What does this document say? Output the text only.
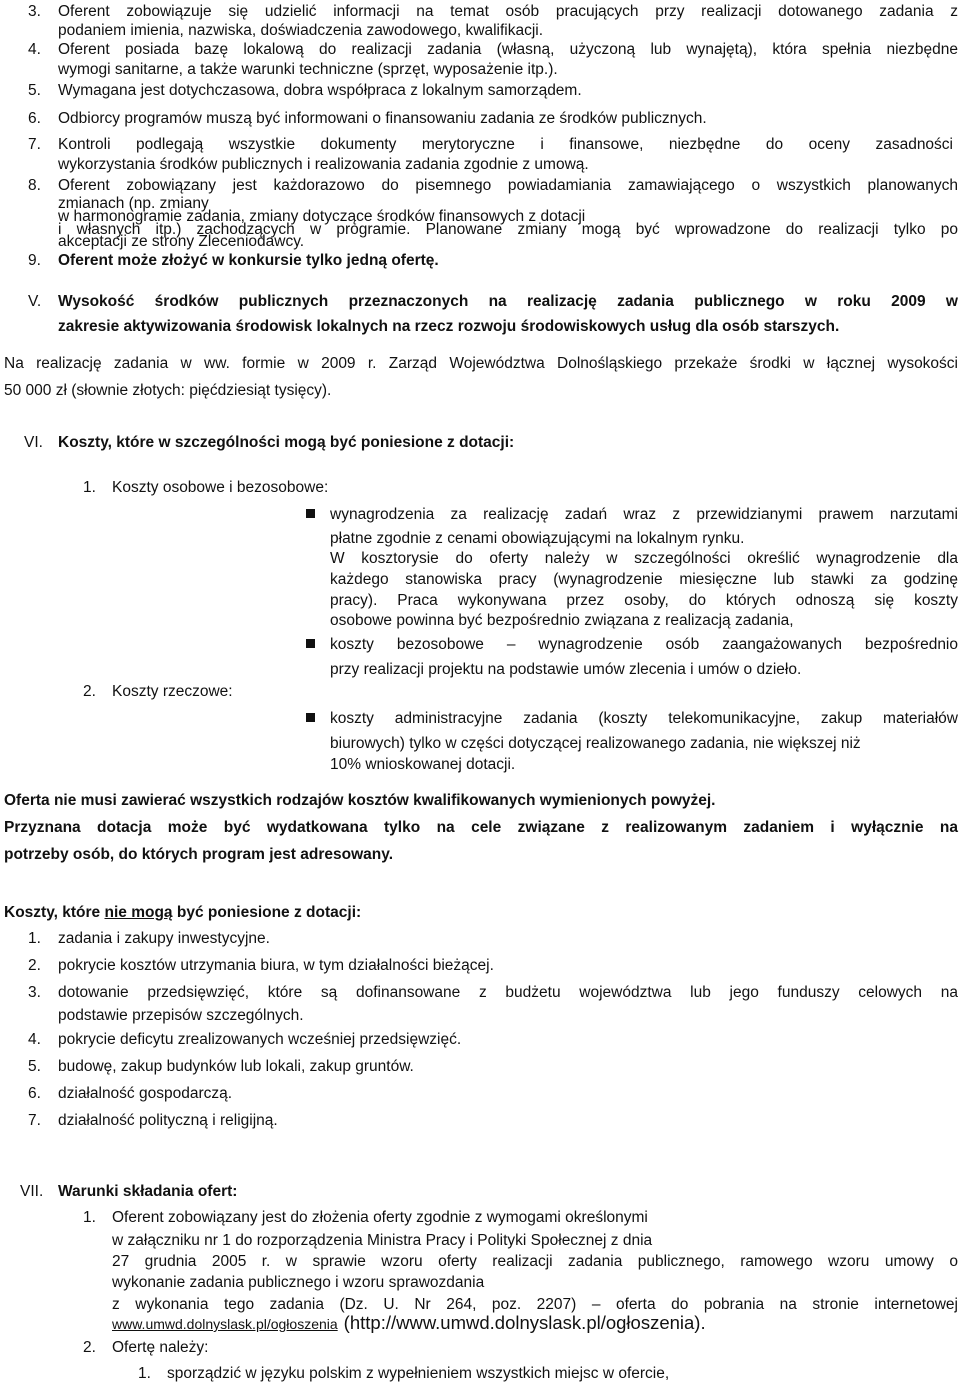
3. Oferent zobowiązuje się udzielić informacji na temat osób pracujących przy realizacji dotowanego zadania z
podaniem imienia, nazwiska, doświadczenia zawodowego, kwalifikacji.
4. Oferent posiada bazę lokalową do realizacji zadania (własną, użyczoną lub wynajętą), która spełnia niezbędne
wymogi sanitarne, a także warunki techniczne (sprzęt, wyposażenie itp.).
5. Wymagana jest dotychczasowa, dobra współpraca z lokalnym samorządem.
6. Odbiorcy programów muszą być informowani o finansowaniu zadania ze środków publicznych.
7. Kontroli podlegają wszystkie dokumenty merytoryczne i finansowe, niezbędne do oceny zasadności
wykorzystania środków publicznych i realizowania zadania zgodnie z umową.
8. Oferent zobowiązany jest każdorazowo do pisemnego powiadamiania zamawiającego o wszystkich planowanych
zmianach (np. zmiany
w harmonogramie zadania, zmiany dotyczące środków finansowych z dotacji
i własnych itp.) zachodzących w programie. Planowane zmiany mogą być wprowadzone do realizacji tylko po
akceptacji ze strony Zleceniodawcy.
9. Oferent może złożyć w konkursie tylko jedną ofertę.
V. Wysokość środków publicznych przeznaczonych na realizację zadania publicznego w roku 2009 w
zakresie aktywizowania środowisk lokalnych na rzecz rozwoju środowiskowych usług dla osób starszych.
Na realizację zadania w ww. formie w 2009 r. Zarząd Województwa Dolnośląskiego przekaże środki w łącznej wysokości
50 000 zł (słownie złotych: pięćdziesiąt tysięcy).
VI. Koszty, które w szczególności mogą być poniesione z dotacji:
1. Koszty osobowe i bezosobowe:
wynagrodzenia za realizację zadań wraz z przewidzianymi prawem narzutami
płatne zgodnie z cenami obowiązującymi na lokalnym rynku.
W kosztorysie do oferty należy w szczególności określić wynagrodzenie dla
każdego stanowiska pracy (wynagrodzenie miesięczne lub stawki za godzinę
pracy). Praca wykonywana przez osoby, do których odnoszą się koszty
osobowe powinna być bezpośrednio związana z realizacją zadania,
koszty bezosobowe – wynagrodzenie osób zaangażowanych bezpośrednio
przy realizacji projektu na podstawie umów zlecenia i umów o dzieło.
2. Koszty rzeczowe:
koszty administracyjne zadania (koszty telekomunikacyjne, zakup materiałów
biurowych) tylko w części dotyczącej realizowanego zadania, nie większej niż
10% wnioskowanej dotacji.
Oferta nie musi zawierać wszystkich rodzajów kosztów kwalifikowanych wymienionych powyżej.
Przyznana dotacja może być wydatkowana tylko na cele związane z realizowanym zadaniem i wyłącznie na
potrzeby osób, do których program jest adresowany.
Koszty, które nie mogą być poniesione z dotacji:
1. zadania i zakupy inwestycyjne.
2. pokrycie kosztów utrzymania biura, w tym działalności bieżącej.
3. dotowanie przedsięwzięć, które są dofinansowane z budżetu województwa lub jego funduszy celowych na
podstawie przepisów szczególnych.
4. pokrycie deficytu zrealizowanych wcześniej przedsięwzięć.
5. budowę, zakup budynków lub lokali, zakup gruntów.
6. działalność gospodarczą.
7. działalność polityczną i religijną.
VII. Warunki składania ofert:
1. Oferent zobowiązany jest do złożenia oferty zgodnie z wymogami określonymi
w załączniku nr 1 do rozporządzenia Ministra Pracy i Polityki Społecznej z dnia
27 grudnia 2005 r. w sprawie wzoru oferty realizacji zadania publicznego, ramowego wzoru umowy o
wykonanie zadania publicznego i wzoru sprawozdania
z wykonania tego zadania (Dz. U. Nr 264, poz. 2207) – oferta do pobrania na stronie internetowej
www.umwd.dolnyslask.pl/ogłoszenia (http://www.umwd.dolnyslask.pl/ogłoszenia).
2. Ofertę należy:
1. sporządzić w języku polskim z wypełnieniem wszystkich miejsc w ofercie,
